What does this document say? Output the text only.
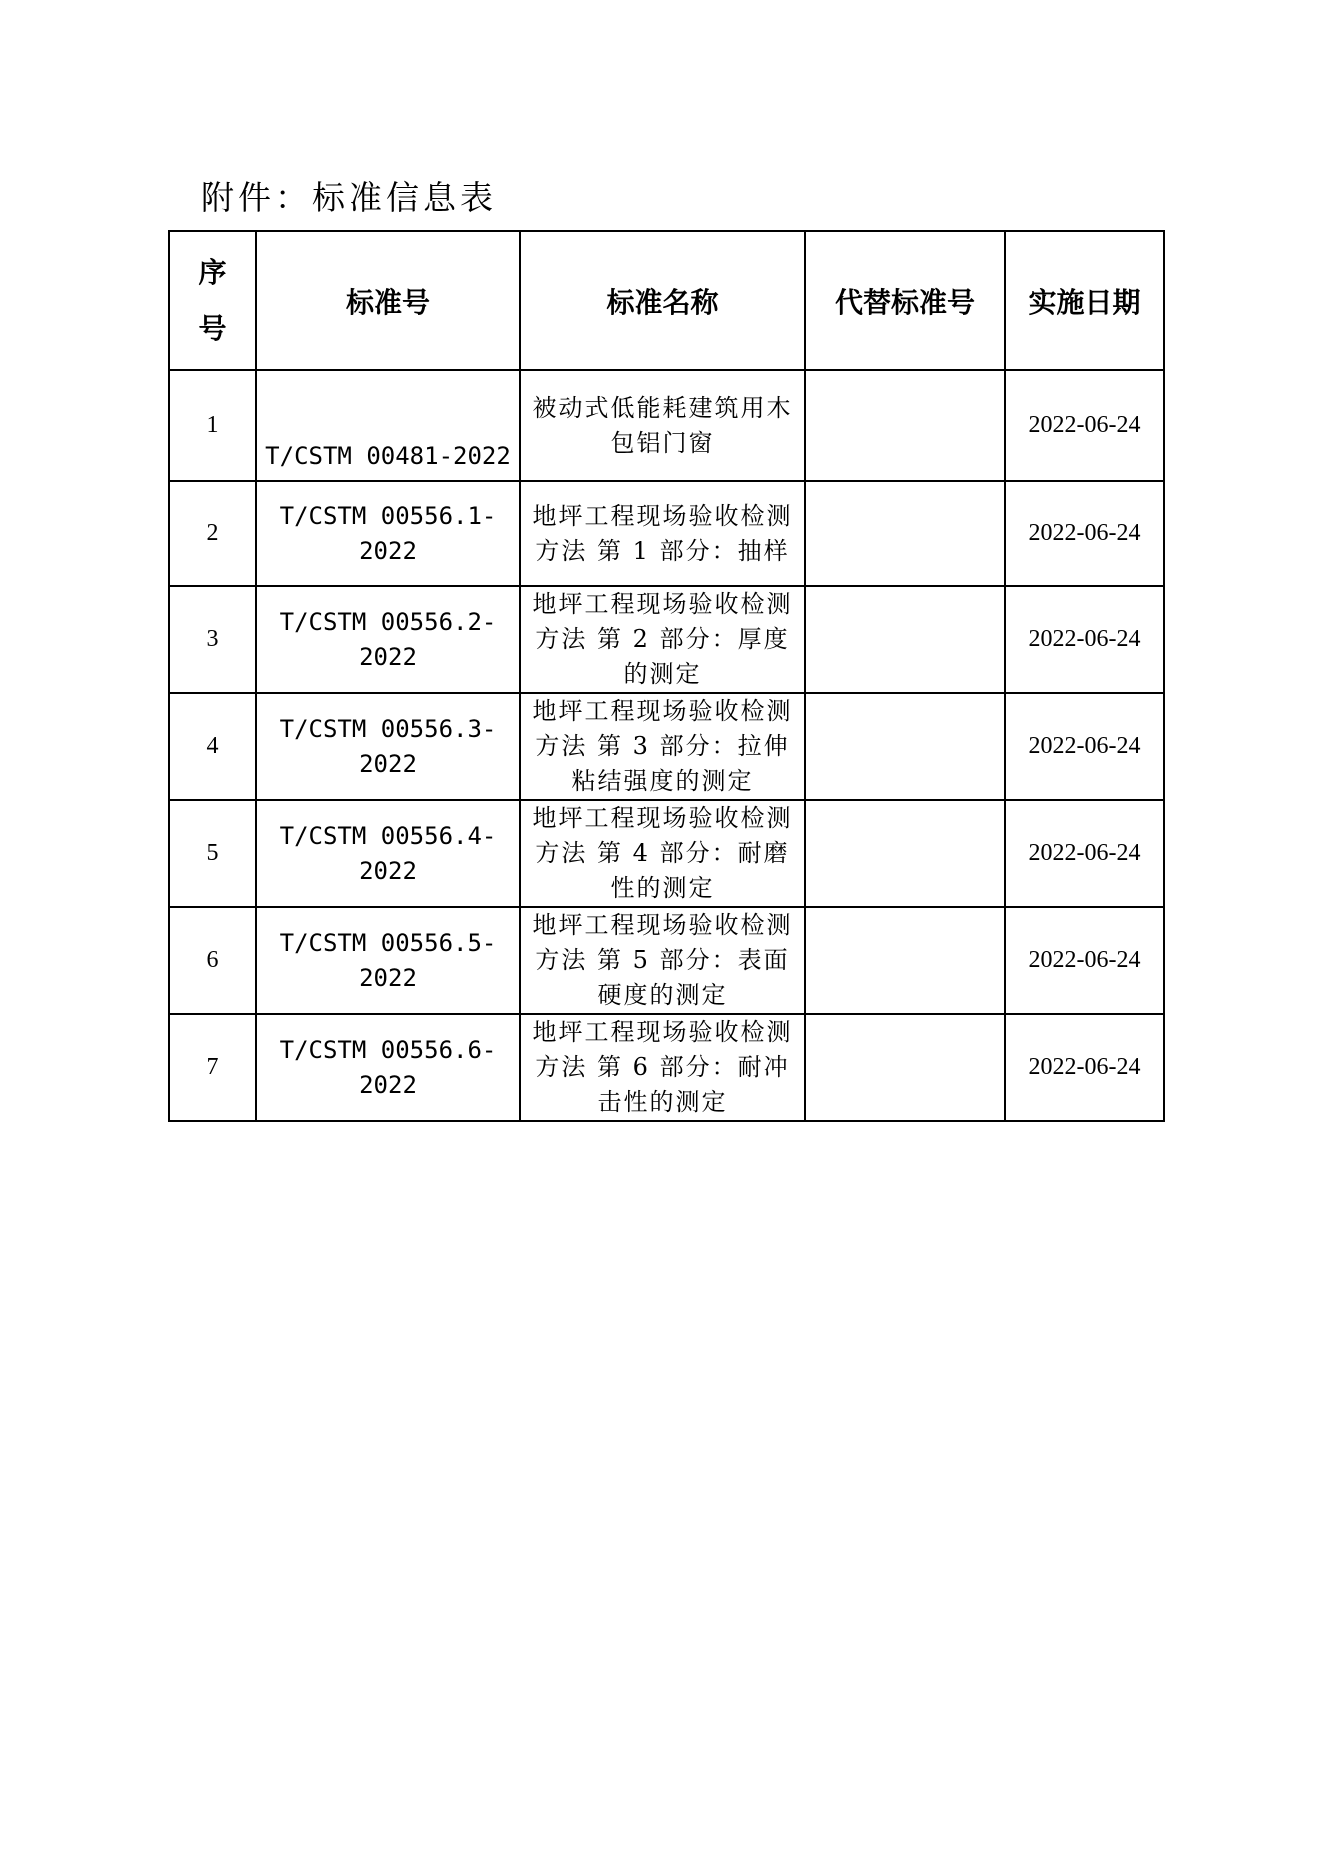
附件：标准信息表
序号	标准号	标准名称	代替标准号	实施日期
1	T/CSTM 00481-2022	被动式低能耗建筑用木包铝门窗		2022-06-24
2	T/CSTM 00556.1-2022	地坪工程现场验收检测方法 第 1 部分：抽样		2022-06-24
3	T/CSTM 00556.2-2022	地坪工程现场验收检测方法 第 2 部分：厚度的测定		2022-06-24
4	T/CSTM 00556.3-2022	地坪工程现场验收检测方法 第 3 部分：拉伸粘结强度的测定		2022-06-24
5	T/CSTM 00556.4-2022	地坪工程现场验收检测方法 第 4 部分：耐磨性的测定		2022-06-24
6	T/CSTM 00556.5-2022	地坪工程现场验收检测方法 第 5 部分：表面硬度的测定		2022-06-24
7	T/CSTM 00556.6-2022	地坪工程现场验收检测方法 第 6 部分：耐冲击性的测定		2022-06-24
